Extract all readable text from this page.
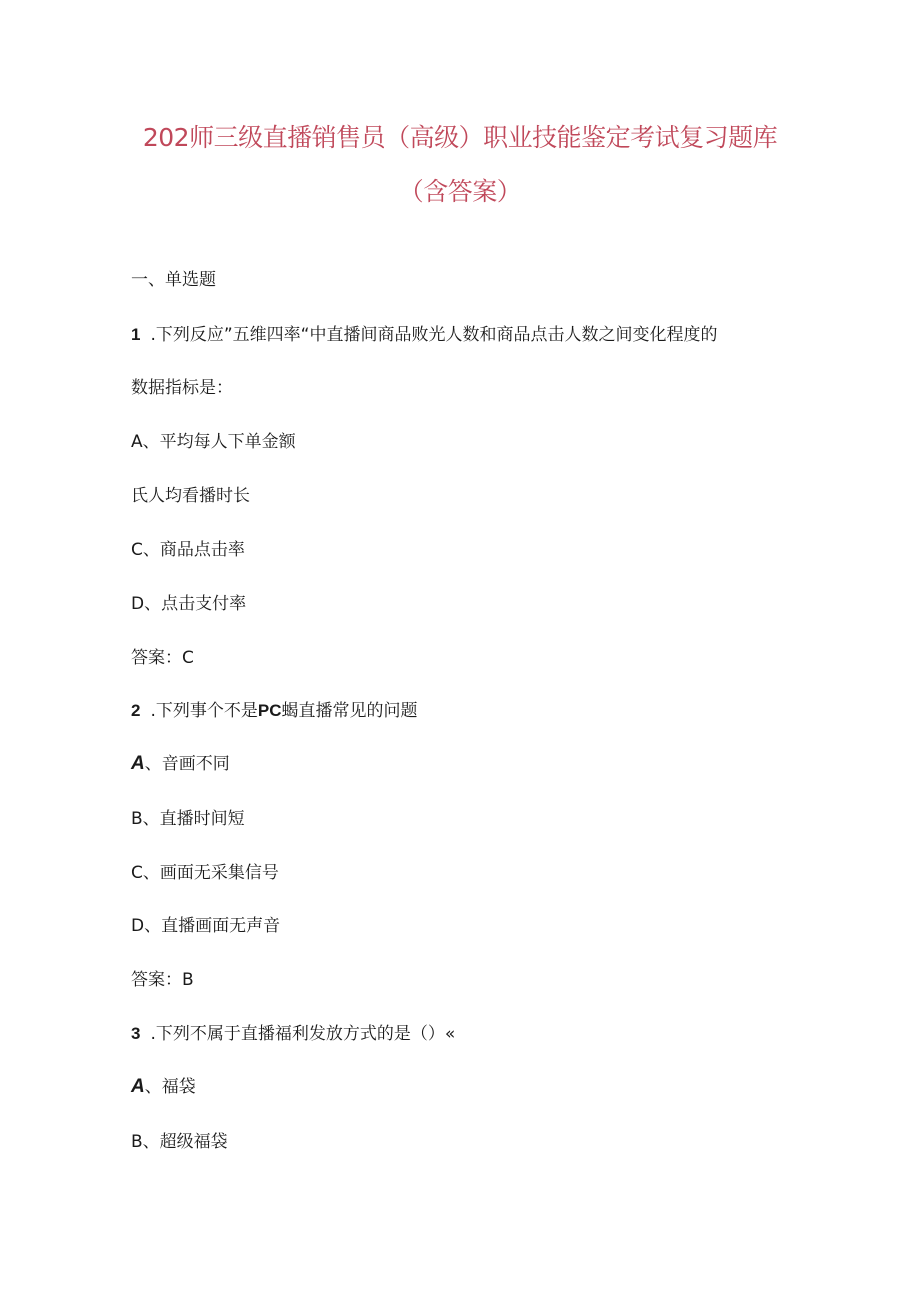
202师三级直播销售员（高级）职业技能鉴定考试复习题库
（含答案）
一、单选题
1 .下列反应”五维四率“中直播间商品败光人数和商品点击人数之间变化程度的
数据指标是：
A、平均每人下单金额
氏人均看播时长
C、商品点击率
D、点击支付率
答案：C
2 .下列事个不是PC蝎直播常见的问题
A、音画不同
B、直播时间短
C、画面无采集信号
D、直播画面无声音
答案：B
3 .下列不属于直播福利发放方式的是（）«
A、福袋
B、超级福袋
